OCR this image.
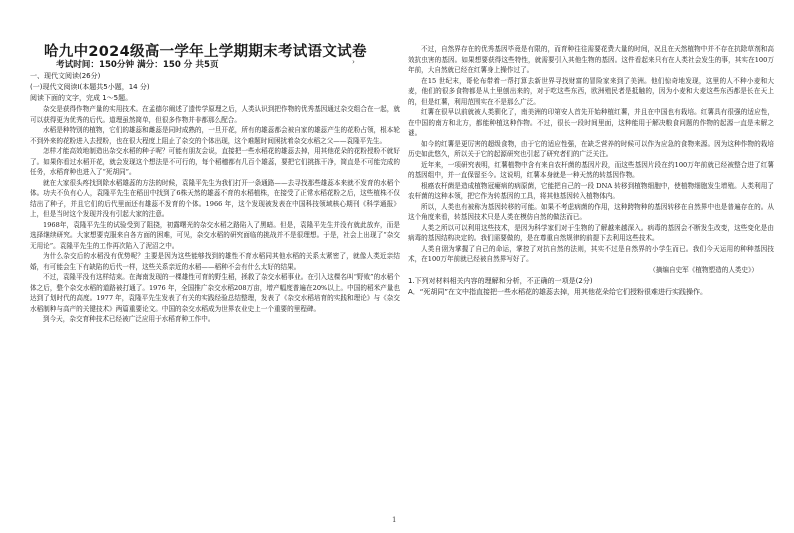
哈九中2024级高一学年上学期期末考试语文试卷
考试时间：150分钟 满分：150 分 共5页	›
一、现代文阅读(26分)
(一)现代文阅读Ⅰ(本题共5小题，14 分)
阅读下面的文字，完成 1～5题。

杂交是获得作物产量的实用技术。在孟德尔阐述了遗传学原理之后，人类认识到把作物的优秀基因通过杂交组合在一起，就可以获得更为优秀的后代。道理虽然简单，但很多作物并非都那么配合。

水稻是种特别的植物，它们的雄蕊和雌蕊是同时成熟的，一旦开花，所有的雄蕊都会被自家的雄蕊产生的花粉占领，根本轮不到外来的花粉进入去授粉，也在很大程度上阻止了杂交的个体出现，这个难题时间困扰着杂交水稻之父——袁隆平先生。

怎样才能高效地制造出杂交水稻的种子呢？可能有朋友会说，直接把一些水稻花的雄蕊去掉，用其他花朵的花粉授粉不就好了。如果你看过水稻开花，就会发现这个想法是不可行的，每个稻穗都有几百个雄蕊，要把它们挑拣干净，简直是不可能完成的任务，水稻育种也进入了“死胡同”。

就在大家很头疼找到除水稻雄蕊的方法的时候，袁隆平先生为我们打开一条通路——去寻找那些雄蕊本来就不发育的水稻个体。功夫不负有心人，袁隆平先生在稻田中找到了6株天然的雄蕊不育的水稻植株，在接受了正常水稻花粉之后，这些植株不仅结出了种子，并且它们的后代里面还有雄蕊不发育的个体。1966 年，这个发现被发表在中国科技领域核心期刊《科学通报》上，但是当时这个发现并没有引起大家的注意。

1968年，袁隆平先生的试验受到了阻挠，初露曙光的杂交水稻之路陷入了黑暗。但是，袁隆平先生并没有就此放弃，而是选择继续研究。大家想要克服来自各方面的困难，可见，杂交水稻的研究面临的挑战并不是很理想。于是，社会上出现了“杂交无用论”。袁隆平先生的工作再次陷入了泥沼之中。

为什么杂交后的水稻没有优势呢？主要是因为这些能够找到的雄性不育水稻同其他水稻的关系太紧密了，就像人类近亲结婚，有可能会生下有缺陷的后代一样，这些关系亲近的水稻——稻种不会有什么太好的结果。

不过，袁隆平没有这样结束。在海南发现的一棵雄性可育的野生稻，拯救了杂交水稻事业。在引入这棵名叫“野败”的水稻个体之后，整个杂交水稻的道路被打通了。1976 年，全国推广杂交水稻208万亩，增产幅度普遍在20%以上。中国的稻米产量也达到了划时代的高度。1977 年，袁隆平先生发表了有关的实践经验总结整理，发表了《杂交水稻培育的实践和理论》与《杂交水稻制种与高产的关键技术》两篇重要论文。中国的杂交水稻成为世界农业史上一个重要的里程碑。

到今天，杂交育种技术已经被广泛应用于水稻育种工作中。

不过，自然界存在的优秀基因毕竟是有限的，而育种往往需要花费大量的时间，况且在天然植物中并不存在抗除草剂和高效抗虫害的基因。如果想要获得这些特性，就需要引入其他生物的基因。这件看起来只有在人类社会发生的事，其实在100万年前，大自然就已经在红薯身上操作过了。

在15 世纪末，哥伦布带着一帮打算去新世界寻找财富的冒险家来到了美洲。他们惊奇地发现，这里的人不种小麦和大麦，他们的很多食物都是从土里刨出来的，对于吃这些东西，欧洲殖民者是抵触的，因为小麦和大麦这些东西都是长在天上的，但是红薯，利用范围实在不是那么广泛。

红薯在很早以前就被人类驯化了，南美洲的印第安人首先开始种植红薯，并且在中国也有栽培。红薯具有很强的适应性，在中国的南方和北方，都能种植这种作物。不过，很长一段时间里面，这种能用于解决粮食问题的作物的起源一直是未解之谜。

如今的红薯是更厉害的超级食物，由于它的适应性强，在缺乏营养的时候可以作为应急的食物来源。因为这种作物的栽培历史如此悠久，所以关于它的起源研究也引起了研究者们的广泛关注。

近年来，一项研究表明，红薯植物中含有来自农杆菌的基因片段，而这些基因片段在约100万年前就已经被整合进了红薯的基因组中，并一直保留至今。这说明，红薯本身就是一种天然的转基因作物。

根癌农杆菌是造成植物冠瘿病的病原菌，它能把自己的一段 DNA 转移到植物细胞中，使植物细胞发生增殖。人类利用了农杆菌的这种本领，把它作为转基因的工具，将其他基因转入植物体内。

所以，人类也有被称为基因转移的可能。如果不考虑病菌的作用，这种跨物种的基因转移在自然界中也是普遍存在的。从这个角度来看，转基因技术只是人类在模仿自然的做法而已。

人类之所以可以利用这些技术，是因为科学家们对于生物的了解越来越深入。病毒的基因会不断发生改变，这些变化是由病毒的基因结构决定的。我们需要做的，是在尊重自然规律的前提下去利用这些技术。

人类自诩为掌握了自己的命运，掌控了对抗自然的法则，其实不过是自然界的小学生而已。我们今天运用的种种基因技术，在100万年前就已经被自然界写好了。

（摘编自史军《植物塑造的人类史》）
1.下列对材料相关内容的理解和分析，不正确的一项是(2分)
A．“死胡同”在文中指直接把一些水稻花的雄蕊去掉，用其他花朵给它们授粉很难进行实践操作。
1
